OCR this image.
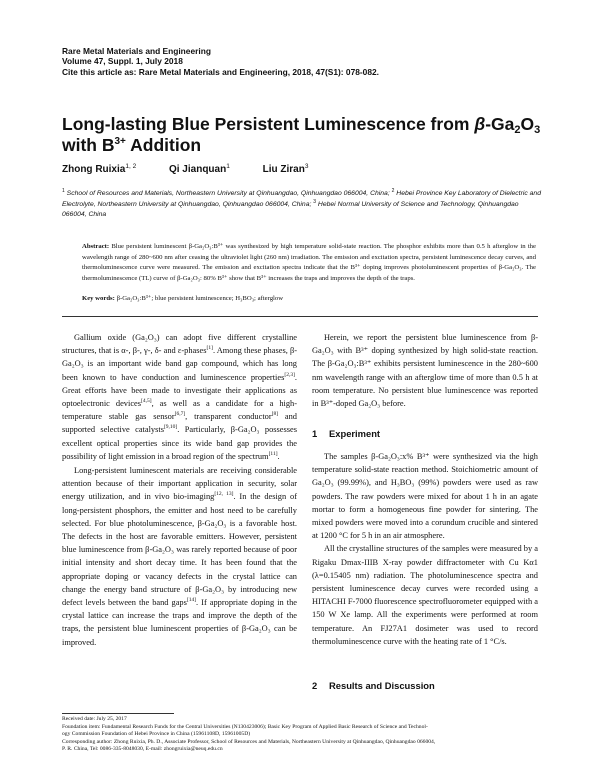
Rare Metal Materials and Engineering
Volume 47, Suppl. 1, July 2018
Cite this article as: Rare Metal Materials and Engineering, 2018, 47(S1): 078-082.
Long-lasting Blue Persistent Luminescence from $\beta-Ga_2O_3$
with $B^{3+}$ Addition
Zhong Ruixia$^{1, 2}$	Qi Jianquan$^1$	Liu Ziran$^3$
$^1$ School of Resources and Materials, Northeastern University at Qinhuangdao, Qinhuangdao 066004, China; $^2$ Hebei Province Key Laboratory of Dielectric and Electrolyte, Northeastern University at Qinhuangdao, Qinhuangdao 066004, China; $^3$ Hebei Normal University of Science and Technology, Qinhuangdao 066004, China
Abstract: Blue persistent luminescent β-Ga₂O₃:B³⁺ was synthesized by high temperature solid-state reaction. The phosphor exhibits more than 0.5 h afterglow in the wavelength range of 280~600 nm after ceasing the ultraviolet light (260 nm) irradiation. The emission and excitation spectra, persistent luminescence decay curves, and thermoluminescence curve were measured. The emission and excitation spectra indicate that the B³⁺ doping improves photoluminescent properties of β-Ga₂O₃. The thermoluminescence (TL) curve of β-Ga₂O₃: 80% B³⁺ show that B³⁺ increases the traps and improves the depth of the traps.
Key words: β-Ga₂O₃:B³⁺; blue persistent luminescence; H₃BO₃; afterglow

Gallium oxide (Ga₂O₃) can adopt five different crystalline structures, that is α-, β-, γ-, δ- and ε-phases[1]. Among these phases, β-Ga₂O₃ is an important wide band gap compound, which has long been known to have conduction and luminescence properties[2,3]. Great efforts have been made to investigate their applications as optoelectronic devices[4,5], as well as a candidate for a high-temperature stable gas sensor[6,7], transparent conductor[8] and supported selective catalysts[9,10]. Particularly, β-Ga₂O₃ possesses excellent optical properties since its wide band gap provides the possibility of light emission in a broad region of the spectrum[11].

Long-persistent luminescent materials are receiving considerable attention because of their important application in security, solar energy utilization, and in vivo bio-imaging[12, 13]. In the design of long-persistent phosphors, the emitter and host need to be carefully selected. For blue photoluminescence, β-Ga₂O₃ is a favorable host. The defects in the host are favorable emitters. However, persistent blue luminescence from β-Ga₂O₃ was rarely reported because of poor initial intensity and short decay time. It has been found that the appropriate doping or vacancy defects in the crystal lattice can change the energy band structure of β-Ga₂O₃ by introducing new defect levels between the band gaps[14]. If appropriate doping in the crystal lattice can increase the traps and improve the depth of the traps, the persistent blue luminescent properties of β-Ga₂O₃ can be improved.

Herein, we report the persistent blue luminescence from β-Ga₂O₃ with B³⁺ doping synthesized by high solid-state reaction. The β-Ga₂O₃:B³⁺ exhibits persistent luminescence in the 280~600 nm wavelength range with an afterglow time of more than 0.5 h at room temperature. No persistent blue luminescence was reported in B³⁺-doped Ga₂O₃ before.

1 Experiment

The samples β-Ga₂O₃:x% B³⁺ were synthesized via the high temperature solid-state reaction method. Stoichiometric amount of Ga₂O₃ (99.99%), and H₃BO₃ (99%) powders were used as raw powders. The raw powders were mixed for about 1 h in an agate mortar to form a homogeneous fine powder for sintering. The mixed powders were moved into a corundum crucible and sintered at 1200 °C for 5 h in an air atmosphere.

All the crystalline structures of the samples were measured by a Rigaku Dmax-IIIB X-ray powder diffractometer with Cu Kα1 (λ=0.15405 nm) radiation. The photoluminescence spectra and persistent luminescence decay curves were recorded using a HITACHI F-7000 fluorescence spectrofluorometer equipped with a 150 W Xe lamp. All the experiments were performed at room temperature. An FJ27A1 dosimeter was used to record thermoluminescence curve with the heating rate of 1 °C/s.

2 Results and Discussion
Received date: July 25, 2017
Foundation item: Fundamental Research Funds for the Central Universities (N130423006); Basic Key Program of Applied Basic Research of Science and Technol-
ogy Commission Foundation of Hebei Province in China (15961108D, 15961005D)
Corresponding author: Zhong Ruixia, Ph. D., Associate Professor, School of Resources and Materials, Northeastern University at Qinhuangdao, Qinhuangdao 066004,
P. R. China, Tel: 0086-335-8048030, E-mail: zhongruixia@neuq.edu.cn
